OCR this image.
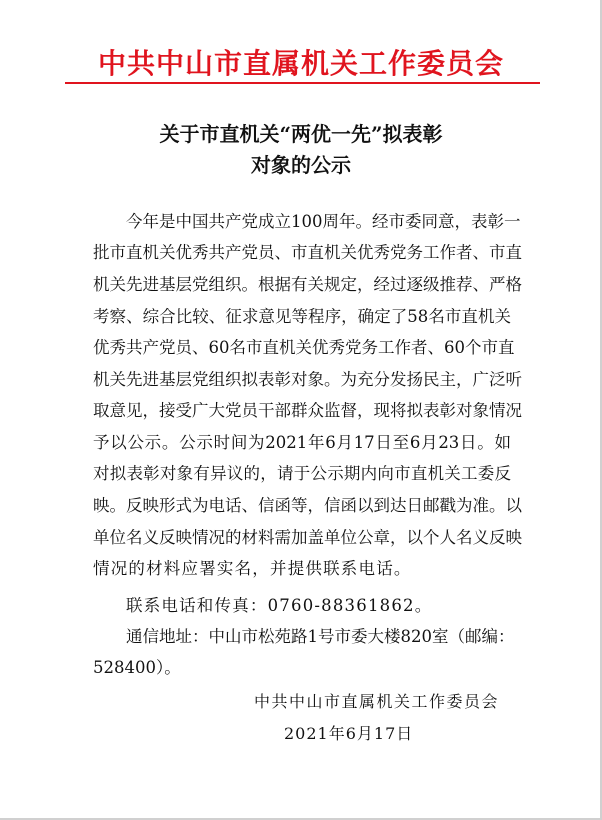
中共中山市直属机关工作委员会
关于市直机关“两优一先”拟表彰
对象的公示
今年是中国共产党成立100周年。经市委同意，表彰一
批市直机关优秀共产党员、市直机关优秀党务工作者、市直
机关先进基层党组织。根据有关规定，经过逐级推荐、严格
考察、综合比较、征求意见等程序，确定了58名市直机关
优秀共产党员、60名市直机关优秀党务工作者、60个市直
机关先进基层党组织拟表彰对象。为充分发扬民主，广泛听
取意见，接受广大党员干部群众监督，现将拟表彰对象情况
予以公示。公示时间为2021年6月17日至6月23日。如
对拟表彰对象有异议的，请于公示期内向市直机关工委反
映。反映形式为电话、信函等，信函以到达日邮戳为准。以
单位名义反映情况的材料需加盖单位公章，以个人名义反映
情况的材料应署实名，并提供联系电话。
联系电话和传真：0760-88361862。
通信地址：中山市松苑路1号市委大楼820室（邮编：
528400）。
中共中山市直属机关工作委员会
2021年6月17日
